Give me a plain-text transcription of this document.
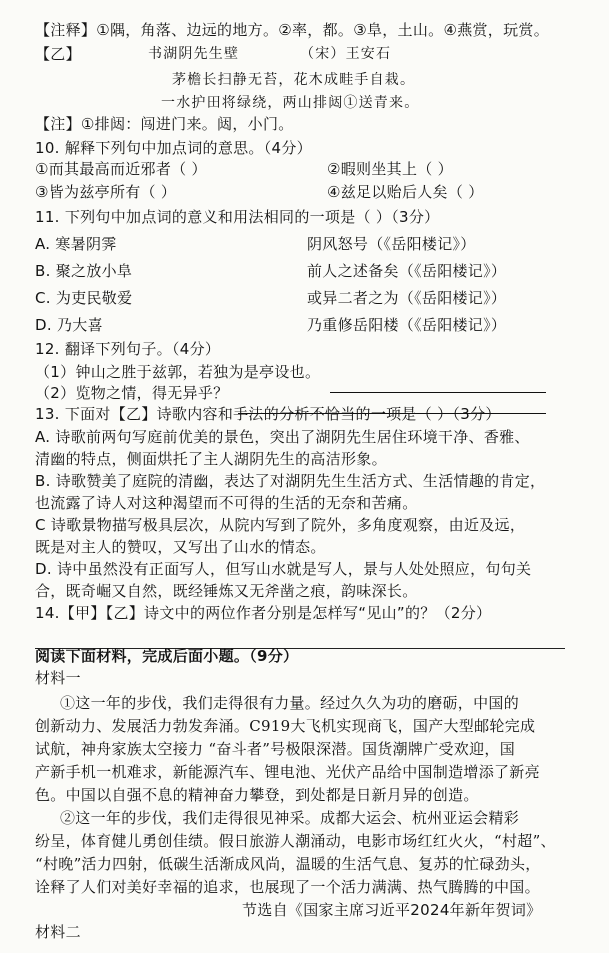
【注释】①隅，角落、边远的地方。②率，都。③阜，土山。④燕赏，玩赏。
【乙】	书湖阴先生壁	（宋）王安石
茅檐长扫静无苔，花木成畦手自栽。
一水护田将绿绕，两山排闼①送青来。
【注】①排闼：闯进门来。闼，小门。
10. 解释下列句中加点词的意思。（4分）
①而其最高而近邪者（ ）	②暇则坐其上（ ）
③皆为兹亭所有（ ）	④兹足以贻后人矣（ ）
11. 下列句中加点词的意义和用法相同的一项是（ ）（3分）
A. 寒暑阴霁	阴风怒号（《岳阳楼记》）
B. 聚之放小阜	前人之述备矣（《岳阳楼记》）
C. 为吏民敬爱	或异二者之为（《岳阳楼记》）
D. 乃大喜	乃重修岳阳楼（《岳阳楼记》）
12. 翻译下列句子。（4分）
（1）钟山之胜于兹郭，若独为是亭设也。
（2）览物之情，得无异乎？
13. 下面对【乙】诗歌内容和手法的分析不恰当的一项是（ ）（3分）
A. 诗歌前两句写庭前优美的景色，突出了湖阴先生居住环境干净、香雅、
清幽的特点，侧面烘托了主人湖阴先生的高洁形象。
B. 诗歌赞美了庭院的清幽，表达了对湖阴先生生活方式、生活情趣的肯定，
也流露了诗人对这种渴望而不可得的生活的无奈和苦痛。
C 诗歌景物描写极具层次，从院内写到了院外，多角度观察，由近及远，
既是对主人的赞叹，又写出了山水的情态。
D. 诗中虽然没有正面写人，但写山水就是写人，景与人处处照应，句句关
合，既奇崛又自然，既经锤炼又无斧凿之痕，韵味深长。
14.【甲】【乙】诗文中的两位作者分别是怎样写“见山”的？（2分）
阅读下面材料，完成后面小题。（9分）
材料一
①这一年的步伐，我们走得很有力量。经过久久为功的磨砺，中国的
创新动力、发展活力勃发奔涌。C919大飞机实现商飞，国产大型邮轮完成
试航，神舟家族太空接力 “奋斗者”号极限深潜。国货潮牌广受欢迎，国
产新手机一机难求，新能源汽车、锂电池、光伏产品给中国制造增添了新亮
色。中国以自强不息的精神奋力攀登，到处都是日新月异的创造。
②这一年的步伐，我们走得很见神采。成都大运会、杭州亚运会精彩
纷呈，体育健儿勇创佳绩。假日旅游人潮涌动，电影市场红红火火，“村超”、
“村晚”活力四射，低碳生活渐成风尚，温暖的生活气息、复苏的忙碌劲头，
诠释了人们对美好幸福的追求，也展现了一个活力满满、热气腾腾的中国。
节选自《国家主席习近平2024年新年贺词》
材料二
